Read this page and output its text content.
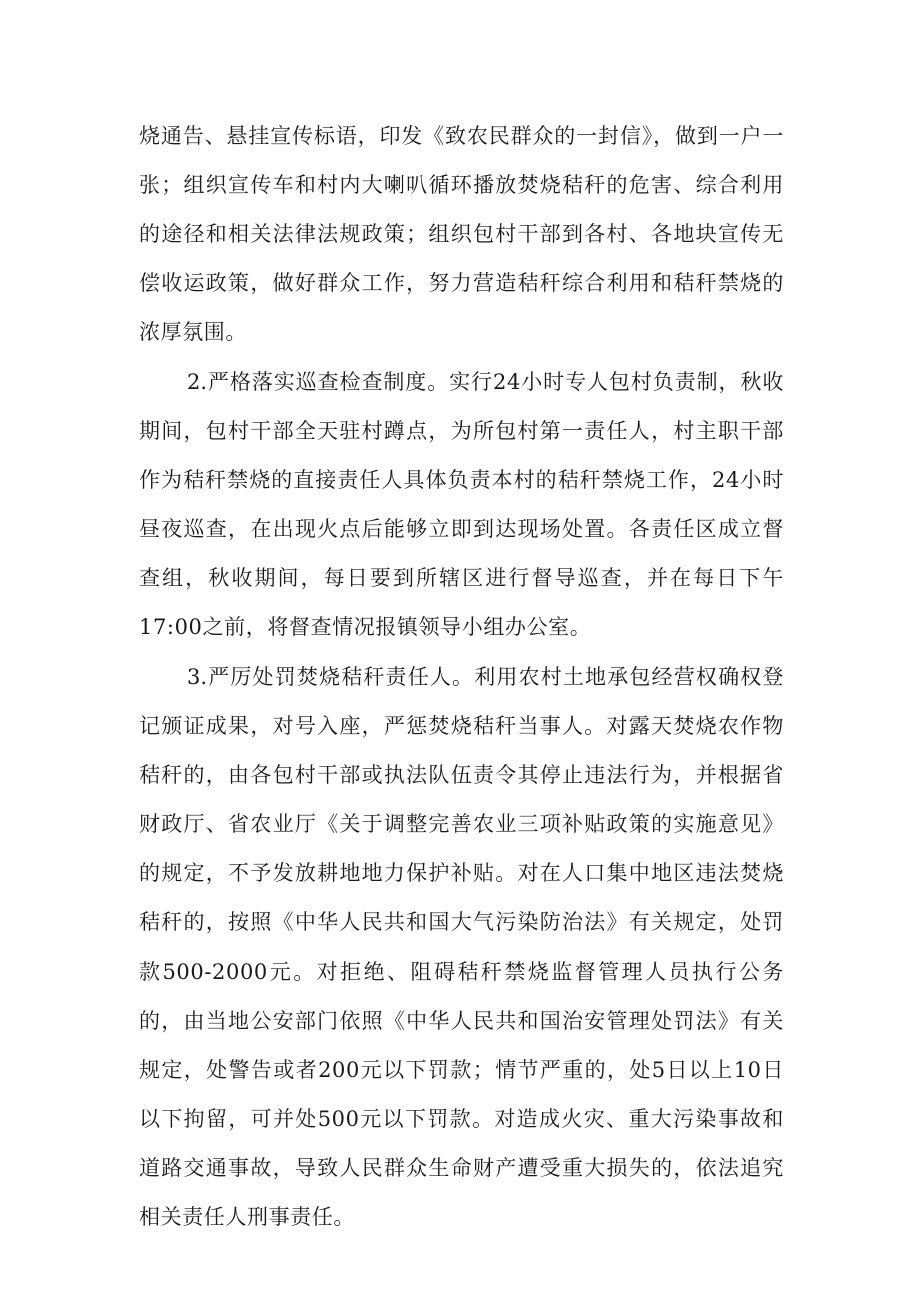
烧通告、悬挂宣传标语，印发《致农民群众的一封信》，做到一户一张；组织宣传车和村内大喇叭循环播放焚烧秸秆的危害、综合利用的途径和相关法律法规政策；组织包村干部到各村、各地块宣传无偿收运政策，做好群众工作，努力营造秸秆综合利用和秸秆禁烧的浓厚氛围。

2.严格落实巡查检查制度。实行24小时专人包村负责制，秋收期间，包村干部全天驻村蹲点，为所包村第一责任人，村主职干部作为秸秆禁烧的直接责任人具体负责本村的秸秆禁烧工作，24小时昼夜巡查，在出现火点后能够立即到达现场处置。各责任区成立督查组，秋收期间，每日要到所辖区进行督导巡查，并在每日下午17:00之前，将督查情况报镇领导小组办公室。

3.严厉处罚焚烧秸秆责任人。利用农村土地承包经营权确权登记颁证成果，对号入座，严惩焚烧秸秆当事人。对露天焚烧农作物秸秆的，由各包村干部或执法队伍责令其停止违法行为，并根据省财政厅、省农业厅《关于调整完善农业三项补贴政策的实施意见》的规定，不予发放耕地地力保护补贴。对在人口集中地区违法焚烧秸秆的，按照《中华人民共和国大气污染防治法》有关规定，处罚款500-2000元。对拒绝、阻碍秸秆禁烧监督管理人员执行公务的，由当地公安部门依照《中华人民共和国治安管理处罚法》有关规定，处警告或者200元以下罚款；情节严重的，处5日以上10日以下拘留，可并处500元以下罚款。对造成火灾、重大污染事故和道路交通事故，导致人民群众生命财产遭受重大损失的，依法追究相关责任人刑事责任。
